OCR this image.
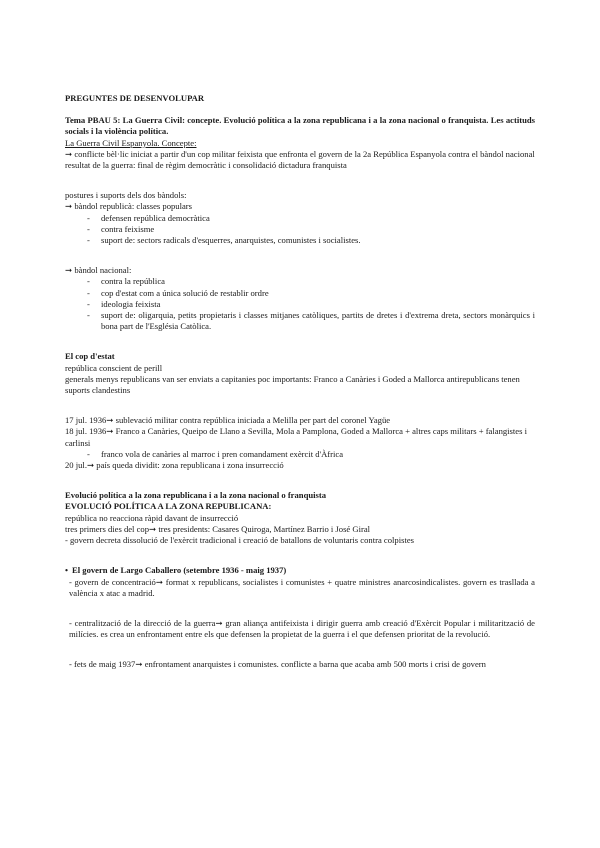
PREGUNTES DE DESENVOLUPAR

Tema PBAU 5: La Guerra Civil: concepte. Evolució política a la zona republicana i a la zona nacional o franquista. Les actituds socials i la violència política.

La Guerra Civil Espanyola. Concepte:

➞ conflicte bèl·lic iniciat a partir d'un cop militar feixista que enfronta el govern de la 2a República Espanyola contra el bàndol nacional

resultat de la guerra: final de règim democràtic i consolidació dictadura franquista

postures i suports dels dos bàndols:

➞ bàndol republicà: classes populars

- defensen república democràtica
- contra feixisme
- suport de: sectors radicals d'esquerres, anarquistes, comunistes i socialistes.

➞ bàndol nacional:

- contra la república
- cop d'estat com a única solució de restablir ordre
- ideologia feixista
- suport de: oligarquia, petits propietaris i classes mitjanes catòliques, partits de dretes i d'extrema dreta, sectors monàrquics i bona part de l'Església Catòlica.

El cop d'estat

república conscient de perill

generals menys republicans van ser enviats a capitanies poc importants: Franco a Canàries i Goded a Mallorca antirepublicans tenen suports clandestins

17 jul. 1936➞ sublevació militar contra república iniciada a Melilla per part del coronel Yagüe

18 jul. 1936➞ Franco a Canàries, Queipo de Llano a Sevilla, Mola a Pamplona, Goded a Mallorca + altres caps militars + falangistes i carlinsi

- franco vola de canàries al marroc i pren comandament exèrcit d'Àfrica

20 jul.➞ país queda dividit: zona republicana i zona insurrecció

Evolució política a la zona republicana i a la zona nacional o franquista

EVOLUCIÓ POLÍTICA A LA ZONA REPUBLICANA:

república no reacciona ràpid davant de insurrecció

tres primers dies del cop➞ tres presidents: Casares Quiroga, Martínez Barrio i José Giral

- govern decreta dissolució de l'exèrcit tradicional i creació de batallons de voluntaris contra colpistes

• El govern de Largo Caballero (setembre 1936 - maig 1937)

- govern de concentració➞ format x republicans, socialistes i comunistes + quatre ministres anarcosindicalistes. govern es trasllada a valència x atac a madrid.

- centralització de la direcció de la guerra➞ gran aliança antifeixista i dirigir guerra amb creació d'Exèrcit Popular i militarització de milícies. es crea un enfrontament entre els que defensen la propietat de la guerra i el que defensen prioritat de la revolució.

- fets de maig 1937➞ enfrontament anarquistes i comunistes. conflicte a barna que acaba amb 500 morts i crisi de govern
